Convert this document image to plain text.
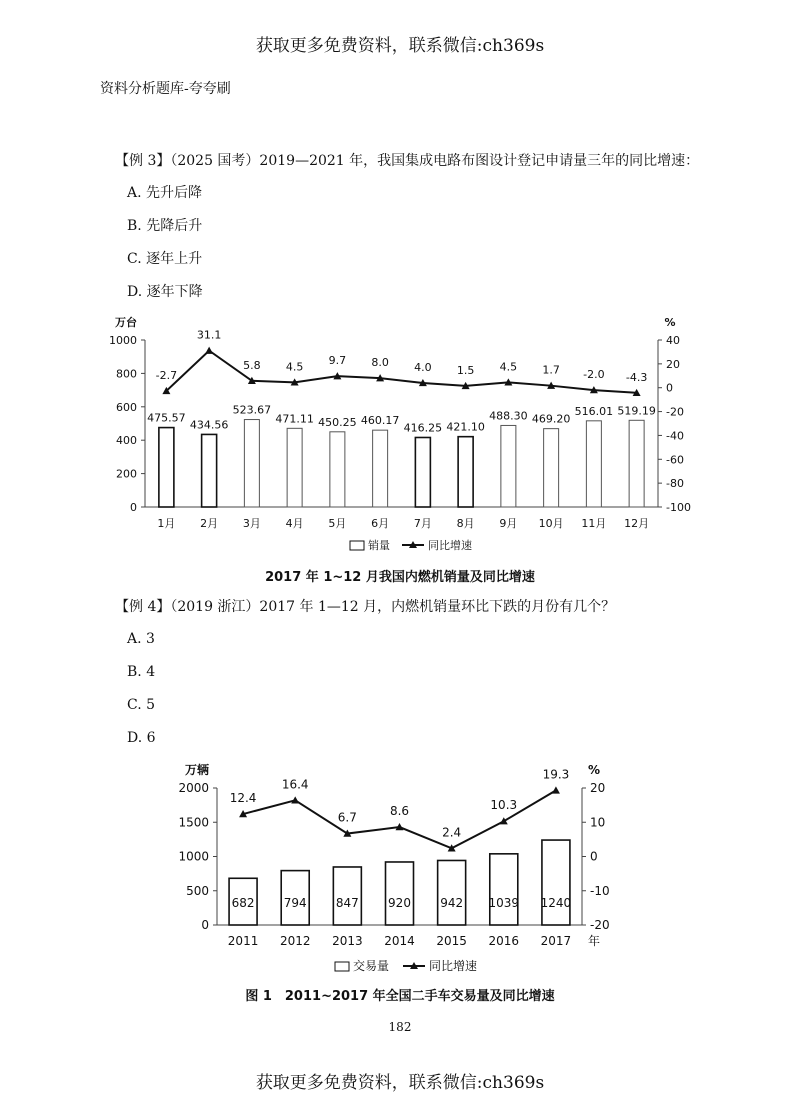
获取更多免费资料，联系微信:ch369s
资料分析题库-夸夸刷
【例 3】（2025 国考）2019—2021 年，我国集成电路布图设计登记申请量三年的同比增速：
A. 先升后降
B. 先降后升
C. 逐年上升
D. 逐年下降
0
200
400
600
800
1000
-100
-80
-60
-40
-20
0
20
40
万台	%
475.57
1月
434.56
2月
523.67
3月
471.11
4月
450.25
5月
460.17
6月
416.25
7月
421.10
8月
488.30
9月
469.20
10月
516.01
11月
519.19
12月
-2.7
31.1
5.8 4.5 9.7 8.0 4.0 1.5 4.5 1.7 -2.0 -4.3
销量	同比增速
2017 年 1~12 月我国内燃机销量及同比增速
【例 4】（2019 浙江）2017 年 1—12 月，内燃机销量环比下跌的月份有几个？
A. 3
B. 4
C. 5
D. 6
0
500
1000
1500
2000
-20
-10
0
10
20
万辆	%
682
2011
794
2012
847
2013
920
2014
942
2015
1039
2016
1240
2017
12.4
16.4
6.7	8.6
2.4
10.3
19.3
年
交易量	同比增速
图 1　2011~2017 年全国二手车交易量及同比增速
182
获取更多免费资料，联系微信:ch369s
